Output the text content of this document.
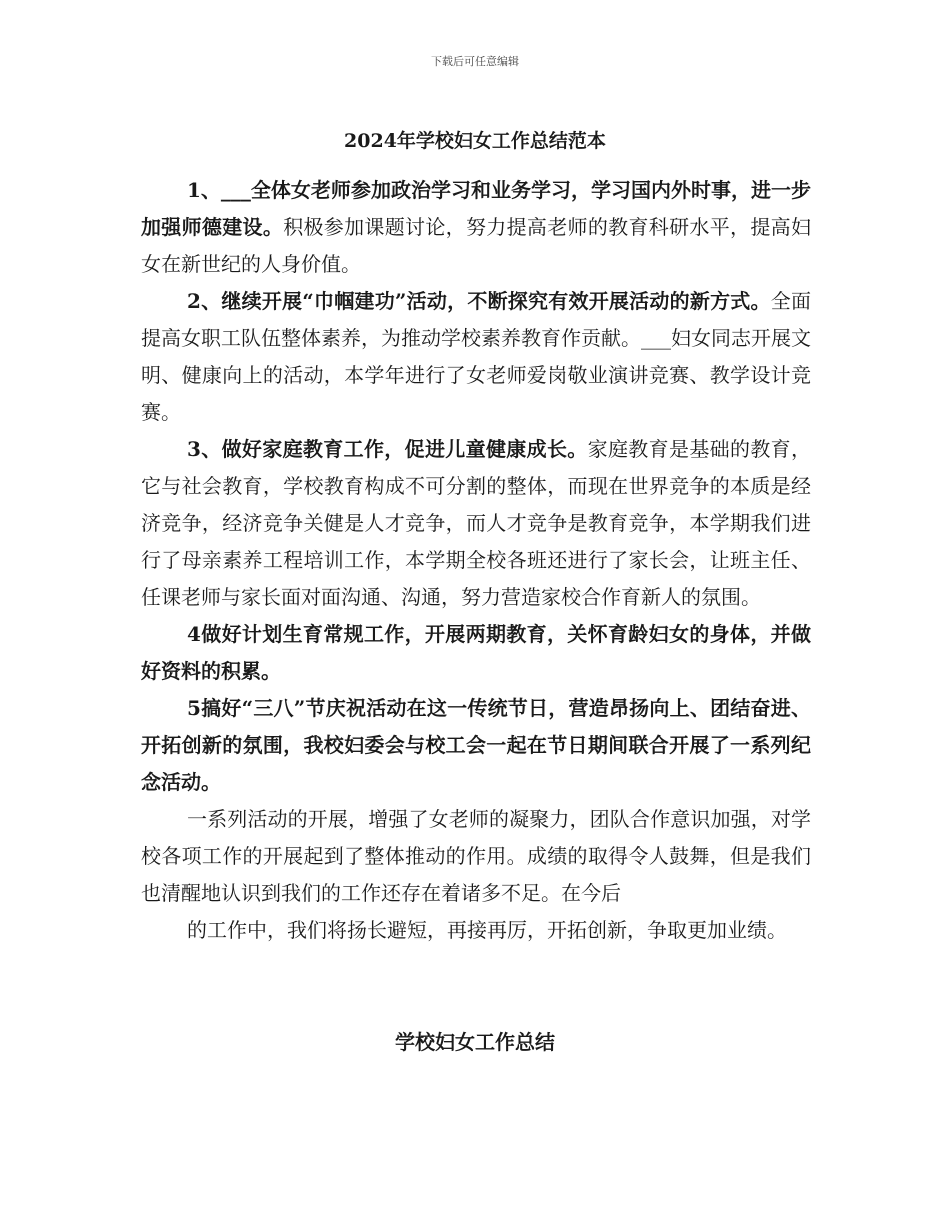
下载后可任意编辑
2024年学校妇女工作总结范本

1、___全体女老师参加政治学习和业务学习，学习国内外时事，进一步加强师德建设。积极参加课题讨论，努力提高老师的教育科研水平，提高妇女在新世纪的人身价值。

2、继续开展“巾帼建功”活动，不断探究有效开展活动的新方式。全面提高女职工队伍整体素养，为推动学校素养教育作贡献。___妇女同志开展文明、健康向上的活动，本学年进行了女老师爱岗敬业演讲竞赛、教学设计竞赛。

3、做好家庭教育工作，促进儿童健康成长。家庭教育是基础的教育，它与社会教育，学校教育构成不可分割的整体，而现在世界竞争的本质是经济竞争，经济竞争关健是人才竞争，而人才竞争是教育竞争，本学期我们进行了母亲素养工程培训工作，本学期全校各班还进行了家长会，让班主任、任课老师与家长面对面沟通、沟通，努力营造家校合作育新人的氛围。

4做好计划生育常规工作，开展两期教育，关怀育龄妇女的身体，并做好资料的积累。

5搞好“三八”节庆祝活动在这一传统节日，营造昂扬向上、团结奋进、开拓创新的氛围，我校妇委会与校工会一起在节日期间联合开展了一系列纪念活动。

一系列活动的开展，增强了女老师的凝聚力，团队合作意识加强，对学校各项工作的开展起到了整体推动的作用。成绩的取得令人鼓舞，但是我们也清醒地认识到我们的工作还存在着诸多不足。在今后

的工作中，我们将扬长避短，再接再厉，开拓创新，争取更加业绩。

学校妇女工作总结
